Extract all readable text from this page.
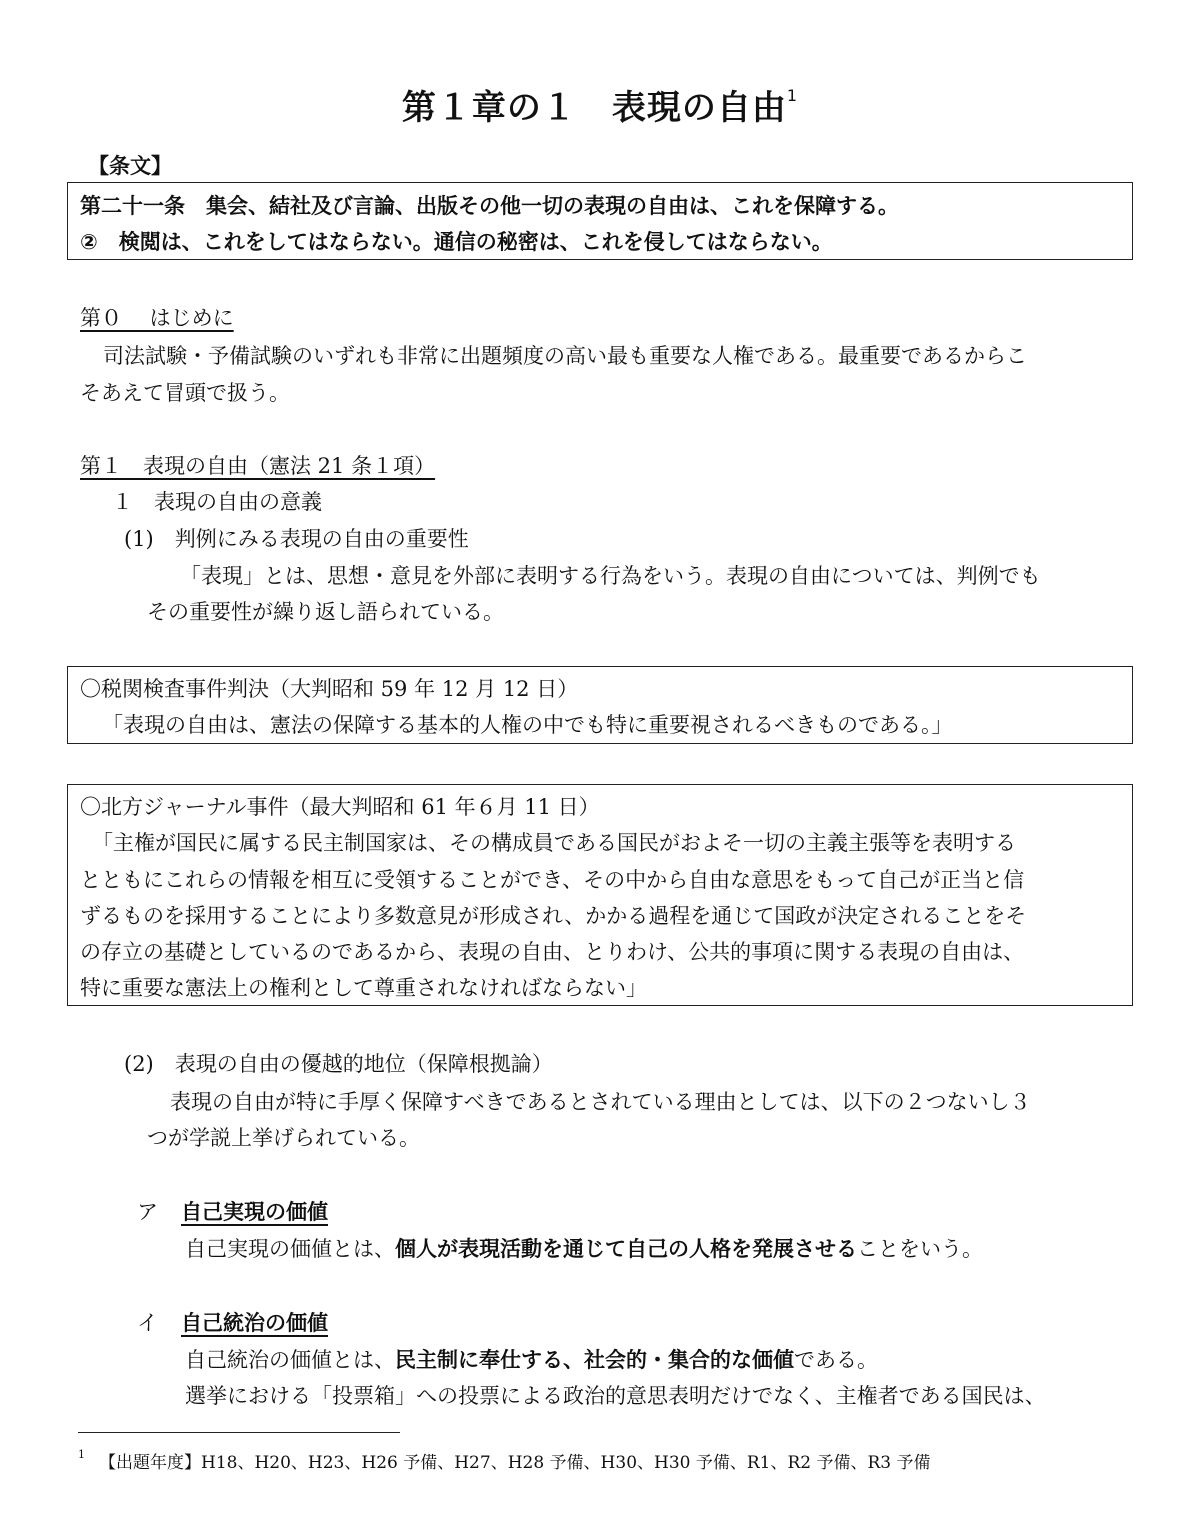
第１章の１　表現の自由$^1$
【条文】
第二十一条　集会、結社及び言論、出版その他一切の表現の自由は、これを保障する。
②　検閲は、これをしてはならない。通信の秘密は、これを侵してはならない。
第０　 はじめに
司法試験・予備試験のいずれも非常に出題頻度の高い最も重要な人権である。最重要であるからこ
そあえて冒頭で扱う。
第１　表現の自由（憲法 21 条１項）
１　表現の自由の意義
(1)　判例にみる表現の自由の重要性
「表現」とは、思想・意見を外部に表明する行為をいう。表現の自由については、判例でも
その重要性が繰り返し語られている。
〇税関検査事件判決（大判昭和 59 年 12 月 12 日）
「表現の自由は、憲法の保障する基本的人権の中でも特に重要視されるべきものである。」
〇北方ジャーナル事件（最大判昭和 61 年６月 11 日）
「主権が国民に属する民主制国家は、その構成員である国民がおよそ一切の主義主張等を表明する
とともにこれらの情報を相互に受領することができ、その中から自由な意思をもって自己が正当と信
ずるものを採用することにより多数意見が形成され、かかる過程を通じて国政が決定されることをそ
の存立の基礎としているのであるから、表現の自由、とりわけ、公共的事項に関する表現の自由は、
特に重要な憲法上の権利として尊重されなければならない」
(2)　表現の自由の優越的地位（保障根拠論）
表現の自由が特に手厚く保障すべきであるとされている理由としては、以下の２つないし３
つが学説上挙げられている。
ア 自己実現の価値
自己実現の価値とは、個人が表現活動を通じて自己の人格を発展させることをいう。
イ 自己統治の価値
自己統治の価値とは、民主制に奉仕する、社会的・集合的な価値である。
選挙における「投票箱」への投票による政治的意思表明だけでなく、主権者である国民は、
$^1$ 【出題年度】H18、H20、H23、H26 予備、H27、H28 予備、H30、H30 予備、R1、R2 予備、R3 予備
